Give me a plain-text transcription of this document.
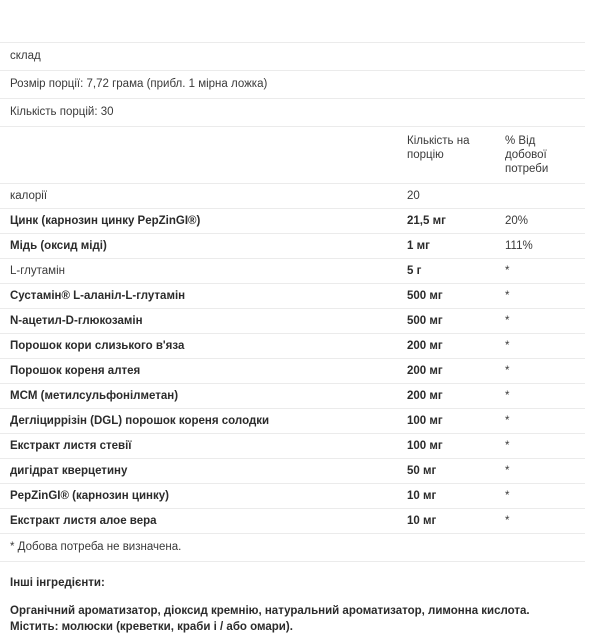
склад
Розмір порції: 7,72 грама (прибл. 1 мірна ложка)
Кількість порцій: 30
Кількість на порцію
% Від добової потреби
калорії	20
Цинк (карнозин цинку PepZinGI®)	21,5 мг	20%
Мідь (оксид міді)	1 мг	111%
L-глутамін	5 г	*
Сустамін® L-аланіл-L-глутамін	500 мг	*
N-ацетил-D-глюкозамін	500 мг	*
Порошок кори слизького в'яза	200 мг	*
Порошок кореня алтея	200 мг	*
MCM (метилсульфонілметан)	200 мг	*
Дегліциррізін (DGL) порошок кореня солодки	100 мг	*
Екстракт листя стевії	100 мг	*
дигідрат кверцетину	50 мг	*
PepZinGI® (карнозин цинку)	10 мг	*
Екстракт листя алое вера	10 мг	*
* Добова потреба не визначена.
Інші інгредієнти:
Органічний ароматизатор, діоксид кремнію, натуральний ароматизатор, лимонна кислота. Містить: молюски (креветки, краби і / або омари).
